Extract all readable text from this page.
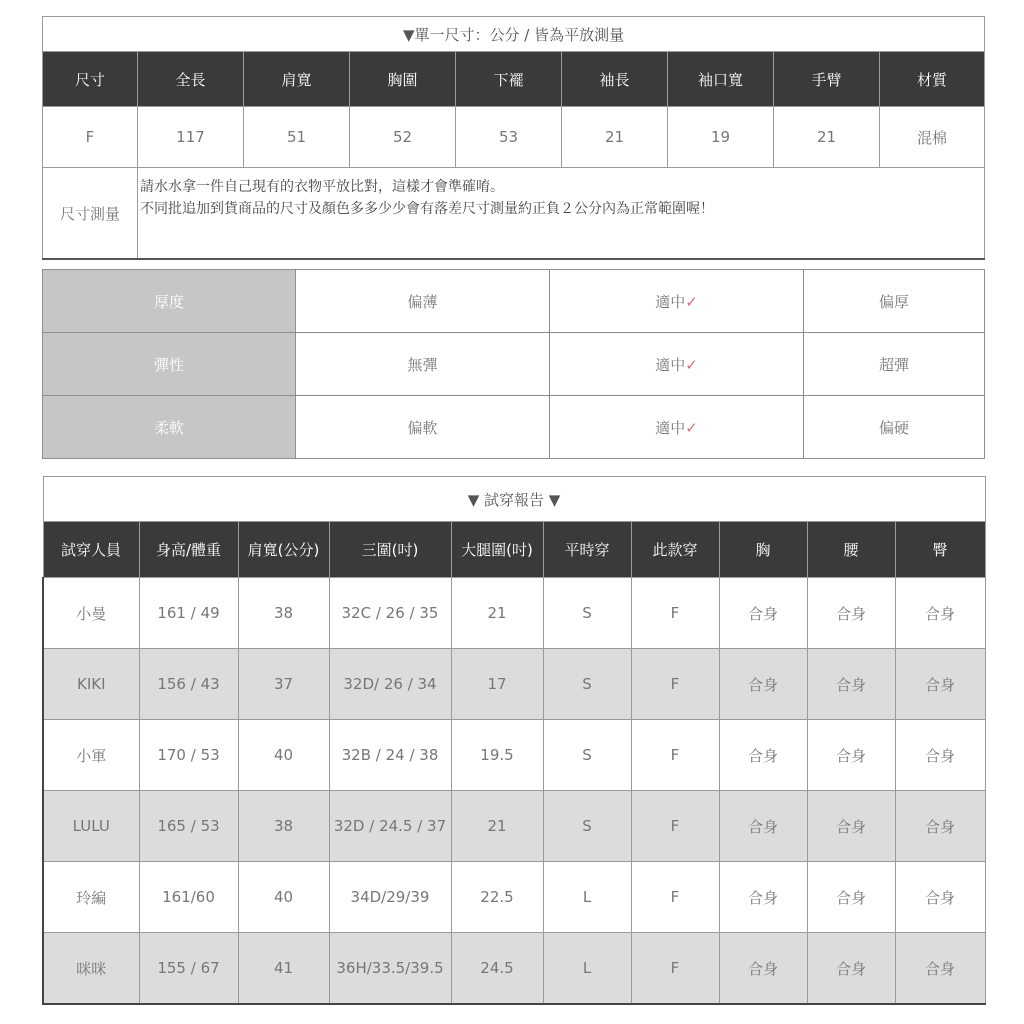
▼單一尺寸：公分 / 皆為平放測量								
尺寸	全長	肩寬	胸圍	下襬	袖長	袖口寬	手臂	材質
F	117	51	52	53	21	19	21	混棉
尺寸測量	請水水拿一件自己現有的衣物平放比對，這樣才會準確唷。
不同批追加到貨商品的尺寸及顏色多多少少會有落差尺寸測量約正負２公分內為正常範圍喔！							
厚度	偏薄	適中✓	偏厚
彈性	無彈	適中✓	超彈
柔軟	偏軟	適中✓	偏硬
▼ 試穿報告 ▼									
試穿人員	身高/體重	肩寬(公分)	三圍(吋)	大腿圍(吋)	平時穿	此款穿	胸	腰	臀
小曼	161 / 49	38	32C / 26 / 35	21	S	F	合身	合身	合身
KIKI	156 / 43	37	32D/ 26 / 34	17	S	F	合身	合身	合身
小軍	170 / 53	40	32B / 24 / 38	19.5	S	F	合身	合身	合身
LULU	165 / 53	38	32D / 24.5 / 37	21	S	F	合身	合身	合身
玲編	161/60	40	34D/29/39	22.5	L	F	合身	合身	合身
咪咪	155 / 67	41	36H/33.5/39.5	24.5	L	F	合身	合身	合身
